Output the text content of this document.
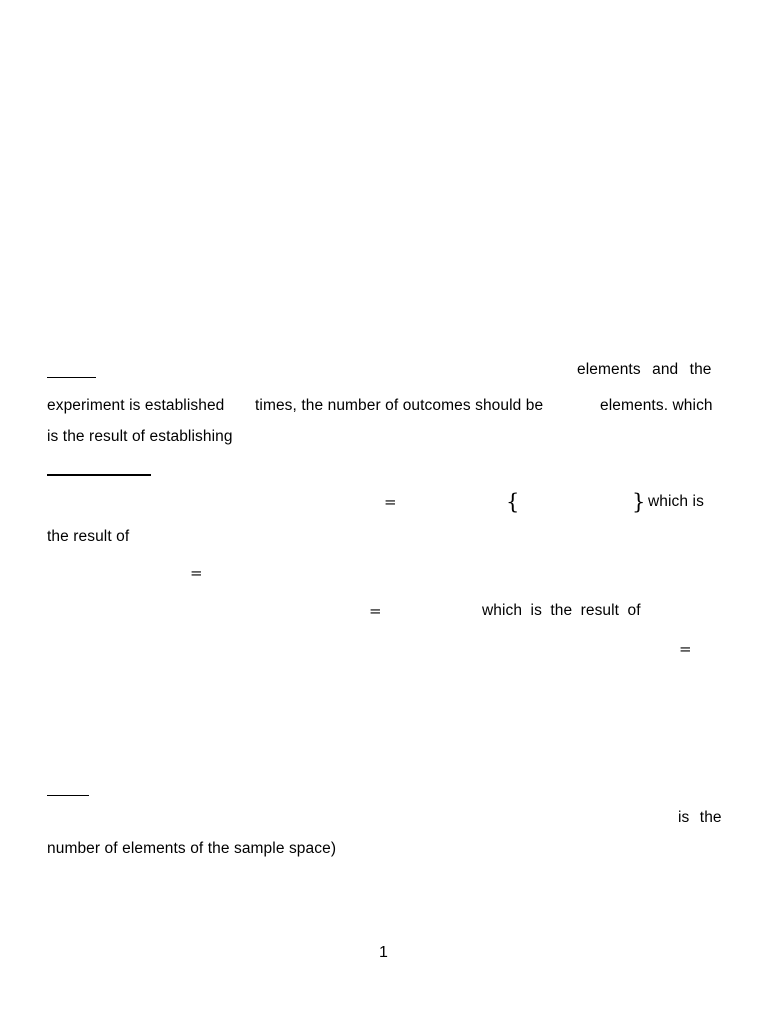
elements and the
experiment is established times, the number of outcomes should be	elements. which
is the result of establishing
=	{	} which is
the result of
=
=	which is the result of
=
is the
number of elements of the sample space)
1
